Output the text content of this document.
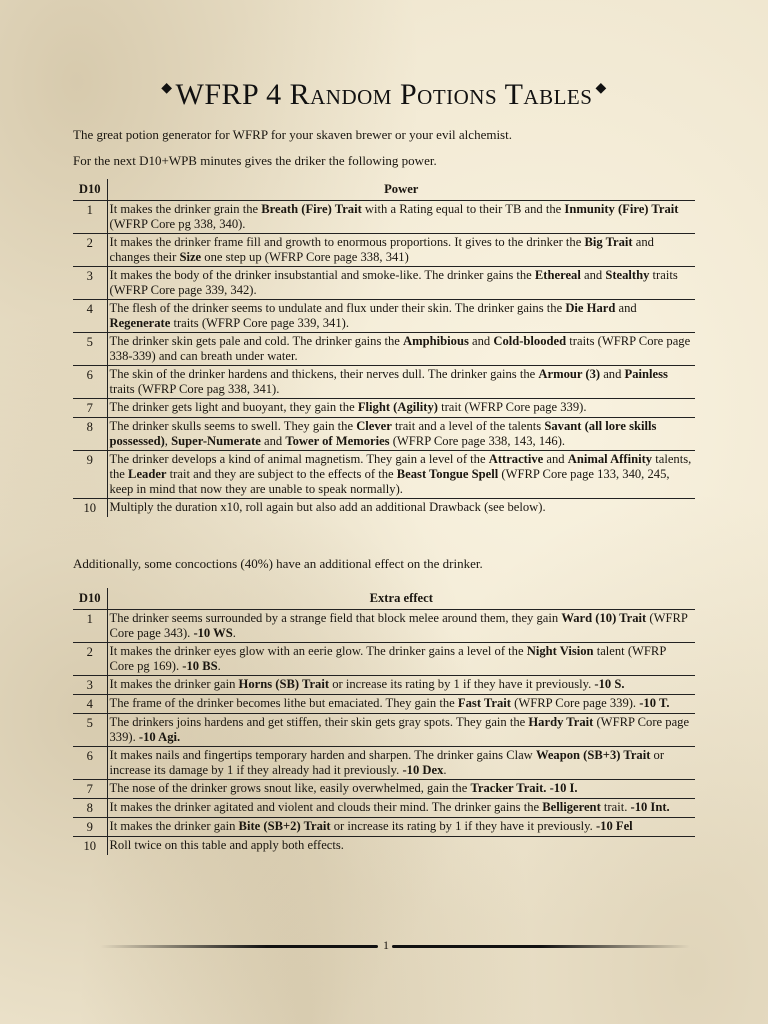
◆ WFRP 4 Random Potions Tables ◆

The great potion generator for WFRP for your skaven brewer or your evil alchemist.

For the next D10+WPB minutes gives the driker the following power.

D10	Power
1	It makes the drinker grain the Breath (Fire) Trait with a Rating equal to their TB and the Inmunity (Fire) Trait (WFRP Core pg 338, 340).
2	It makes the drinker frame fill and growth to enormous proportions. It gives to the drinker the Big Trait and changes their Size one step up (WFRP Core page 338, 341)
3	It makes the body of the drinker insubstantial and smoke-like. The drinker gains the Ethereal and Stealthy traits (WFRP Core page 339, 342).
4	The flesh of the drinker seems to undulate and flux under their skin. The drinker gains the Die Hard and Regenerate traits (WFRP Core page 339, 341).
5	The drinker skin gets pale and cold. The drinker gains the Amphibious and Cold-blooded traits (WFRP Core page 338-339) and can breath under water.
6	The skin of the drinker hardens and thickens, their nerves dull. The drinker gains the Armour (3) and Painless traits (WFRP Core pag 338, 341).
7	The drinker gets light and buoyant, they gain the Flight (Agility) trait (WFRP Core page 339).
8	The drinker skulls seems to swell. They gain the Clever trait and a level of the talents Savant (all lore skills possessed), Super-Numerate and Tower of Memories (WFRP Core page 338, 143, 146).
9	The drinker develops a kind of animal magnetism. They gain a level of the Attractive and Animal Affinity talents, the Leader trait and they are subject to the effects of the Beast Tongue Spell (WFRP Core page 133, 340, 245, keep in mind that now they are unable to speak normally).
10	Multiply the duration x10, roll again but also add an additional Drawback (see below).

Additionally, some concoctions (40%) have an additional effect on the drinker.

D10	Extra effect
1	The drinker seems surrounded by a strange field that block melee around them, they gain Ward (10) Trait (WFRP Core page 343). -10 WS.
2	It makes the drinker eyes glow with an eerie glow. The drinker gains a level of the Night Vision talent (WFRP Core pg 169). -10 BS.
3	It makes the drinker gain Horns (SB) Trait or increase its rating by 1 if they have it previously. -10 S.
4	The frame of the drinker becomes lithe but emaciated. They gain the Fast Trait (WFRP Core page 339). -10 T.
5	The drinkers joins hardens and get stiffen, their skin gets gray spots. They gain the Hardy Trait (WFRP Core page 339). -10 Agi.
6	It makes nails and fingertips temporary harden and sharpen. The drinker gains Claw Weapon (SB+3) Trait or increase its damage by 1 if they already had it previously. -10 Dex.
7	The nose of the drinker grows snout like, easily overwhelmed, gain the Tracker Trait. -10 I.
8	It makes the drinker agitated and violent and clouds their mind. The drinker gains the Belligerent trait. -10 Int.
9	It makes the drinker gain Bite (SB+2) Trait or increase its rating by 1 if they have it previously. -10 Fel
10	Roll twice on this table and apply both effects.
1
